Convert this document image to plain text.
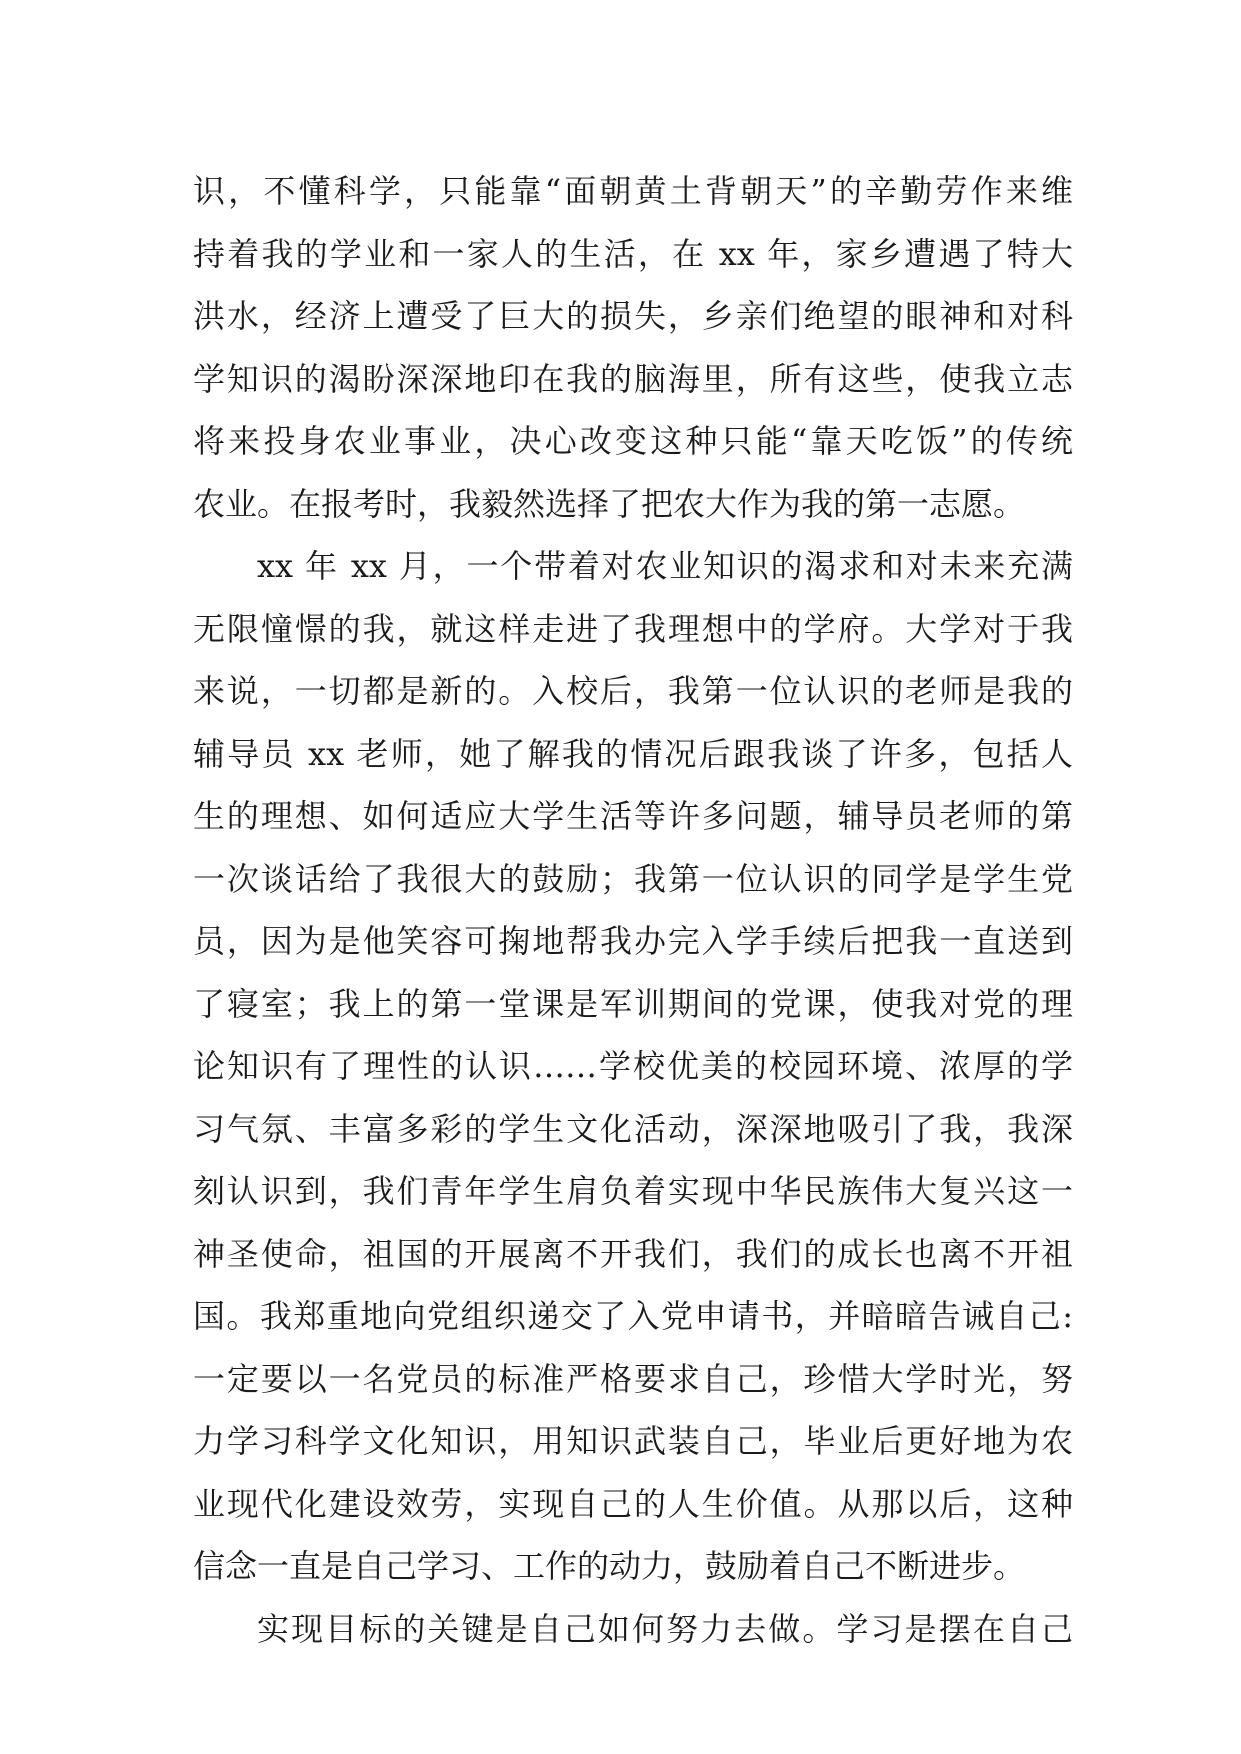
识，不懂科学，只能靠“面朝黄土背朝天”的辛勤劳作来维
持着我的学业和一家人的生活，在 xx 年，家乡遭遇了特大
洪水，经济上遭受了巨大的损失，乡亲们绝望的眼神和对科
学知识的渴盼深深地印在我的脑海里，所有这些，使我立志
将来投身农业事业，决心改变这种只能“靠天吃饭”的传统
农业。在报考时，我毅然选择了把农大作为我的第一志愿。
xx 年 xx 月，一个带着对农业知识的渴求和对未来充满
无限憧憬的我，就这样走进了我理想中的学府。大学对于我
来说，一切都是新的。入校后，我第一位认识的老师是我的
辅导员 xx 老师，她了解我的情况后跟我谈了许多，包括人
生的理想、如何适应大学生活等许多问题，辅导员老师的第
一次谈话给了我很大的鼓励；我第一位认识的同学是学生党
员，因为是他笑容可掬地帮我办完入学手续后把我一直送到
了寝室；我上的第一堂课是军训期间的党课，使我对党的理
论知识有了理性的认识……学校优美的校园环境、浓厚的学
习气氛、丰富多彩的学生文化活动，深深地吸引了我，我深
刻认识到，我们青年学生肩负着实现中华民族伟大复兴这一
神圣使命，祖国的开展离不开我们，我们的成长也离不开祖
国。我郑重地向党组织递交了入党申请书，并暗暗告诫自己:
一定要以一名党员的标准严格要求自己，珍惜大学时光，努
力学习科学文化知识，用知识武装自己，毕业后更好地为农
业现代化建设效劳，实现自己的人生价值。从那以后，这种
信念一直是自己学习、工作的动力，鼓励着自己不断进步。
实现目标的关键是自己如何努力去做。学习是摆在自己
